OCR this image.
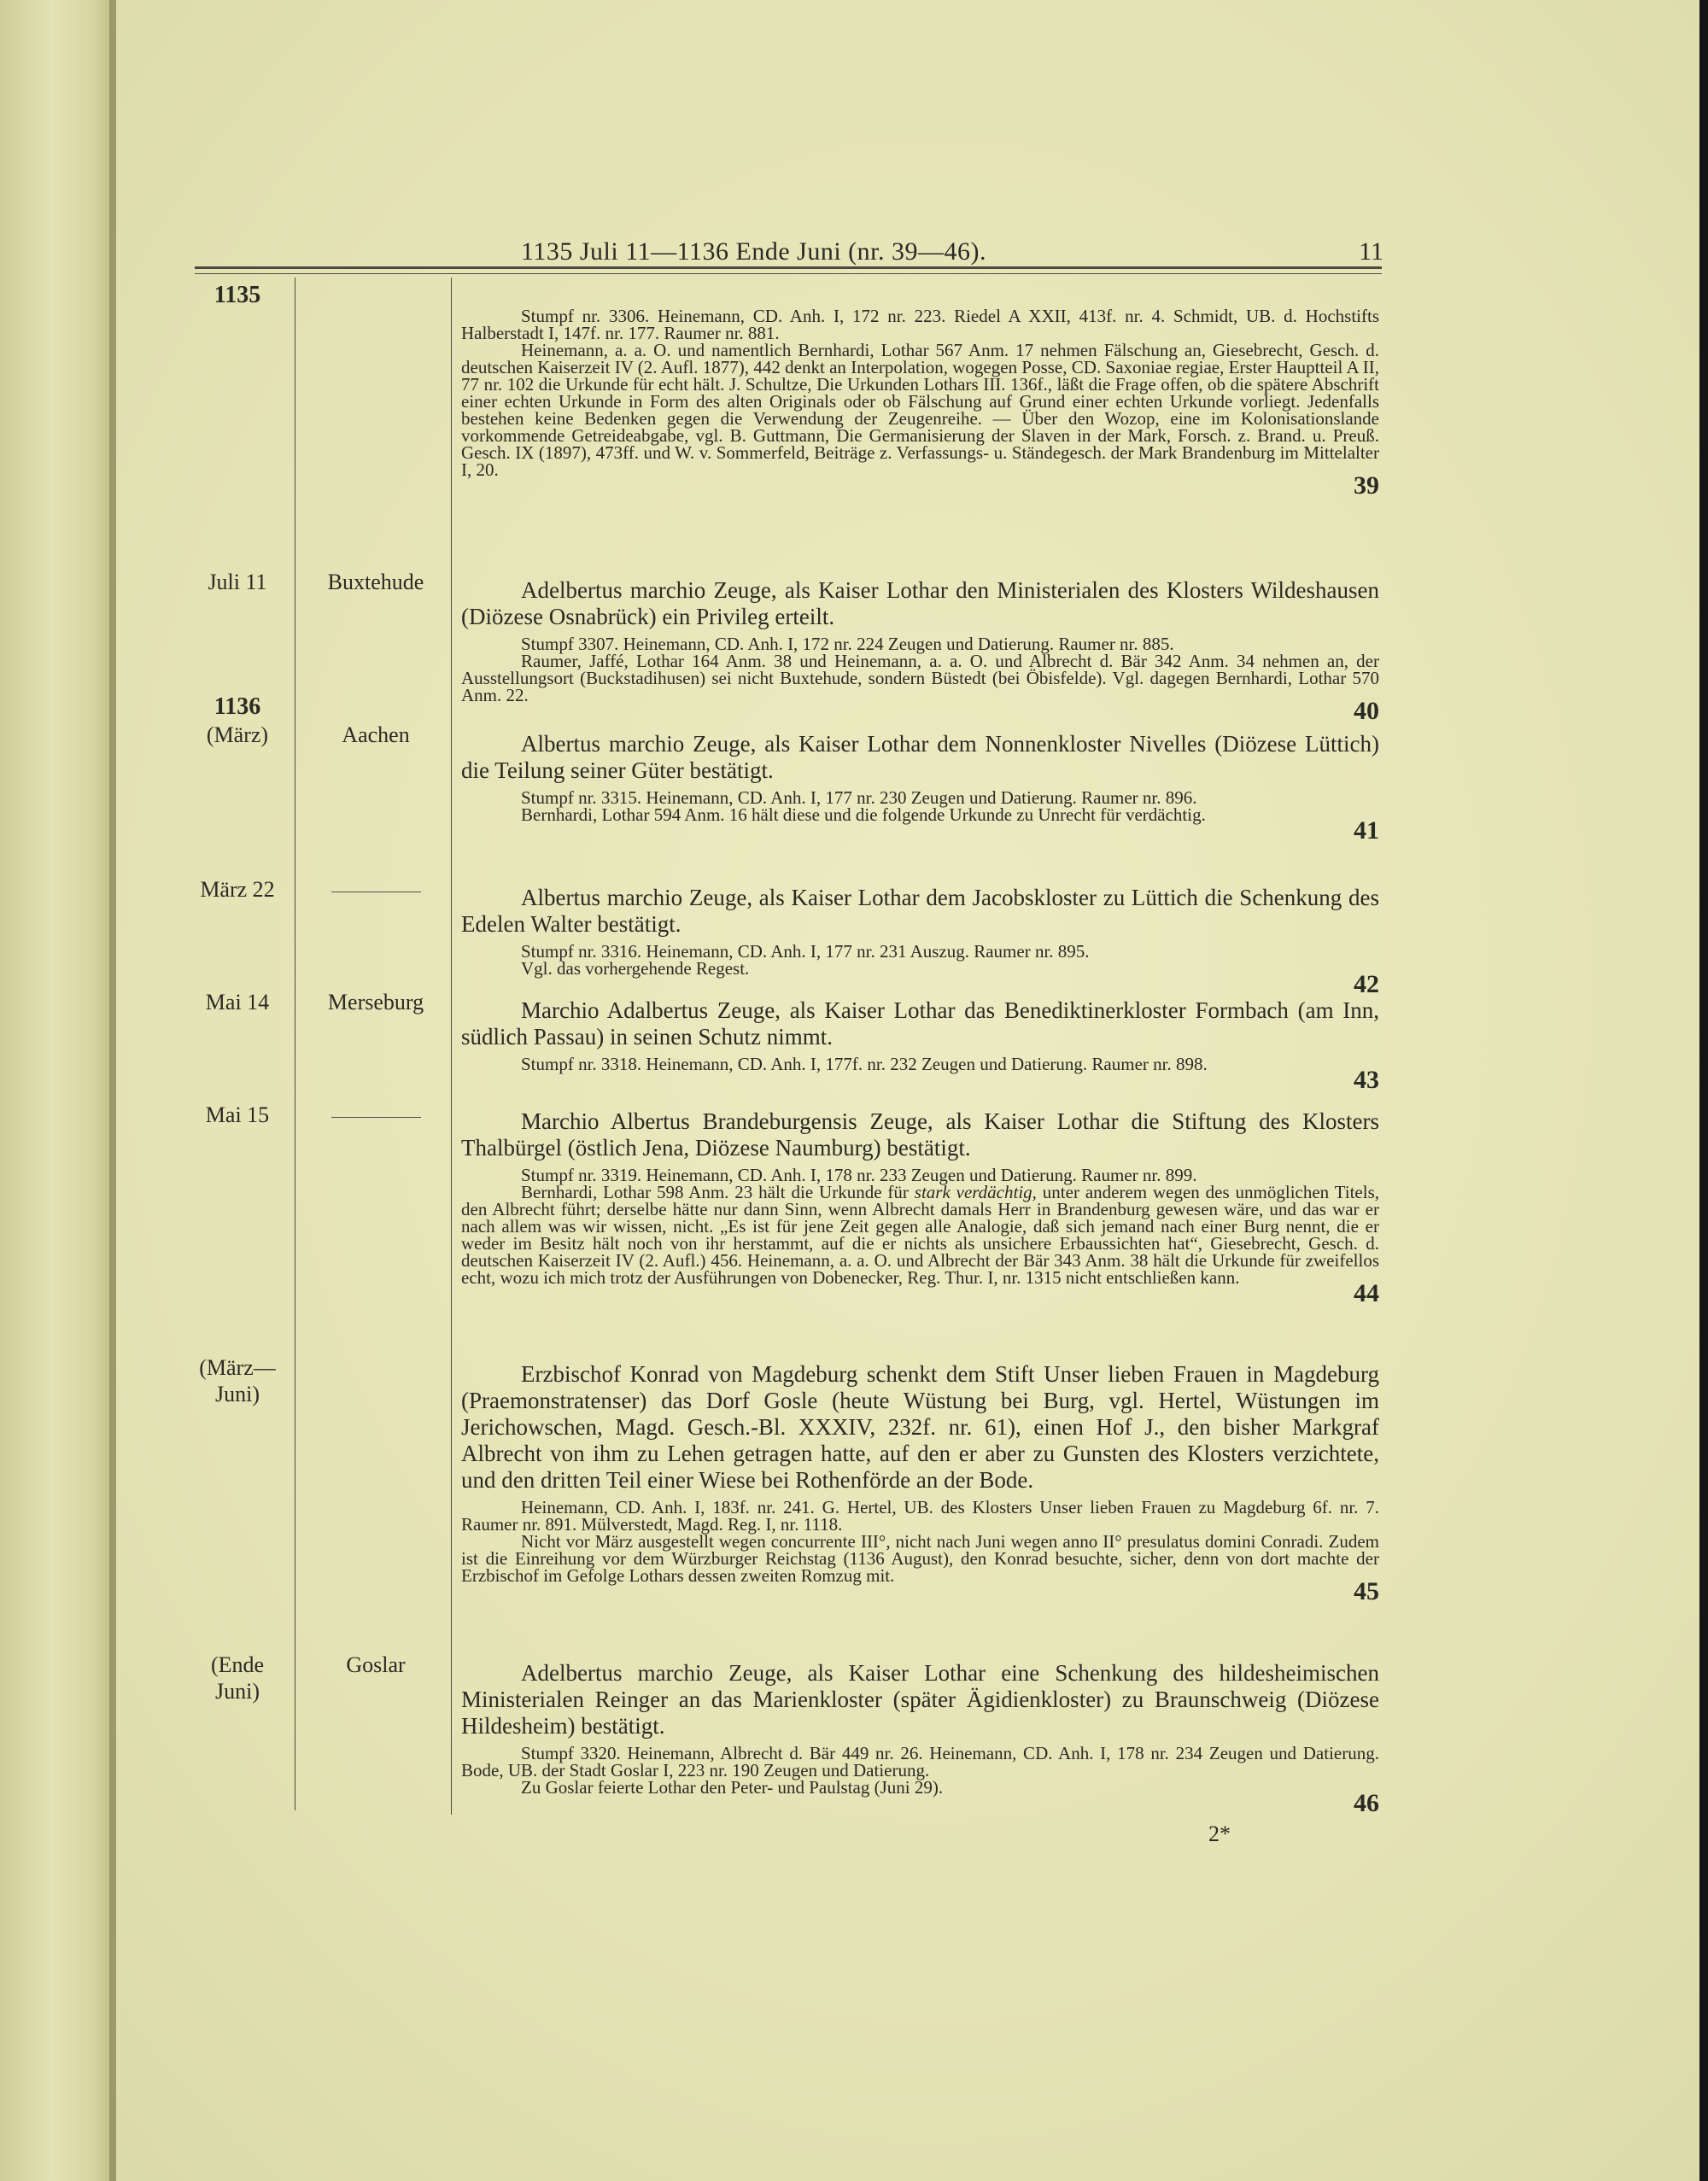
1135 Juli 11—1136 Ende Juni (nr. 39—46).	11
1135
Juli 11
1136
(März)
März 22
Mai 14
Mai 15
(März—
Juni)
(Ende
Juni)
Buxtehude
Aachen
Merseburg
Goslar

Stumpf nr. 3306. Heinemann, CD. Anh. I, 172 nr. 223. Riedel A XXII, 413f. nr. 4. Schmidt, UB. d. Hochstifts Halberstadt I, 147f. nr. 177. Raumer nr. 881.

Heinemann, a. a. O. und namentlich Bernhardi, Lothar 567 Anm. 17 nehmen Fälschung an, Giesebrecht, Gesch. d. deutschen Kaiserzeit IV (2. Aufl. 1877), 442 denkt an Interpolation, wogegen Posse, CD. Saxoniae regiae, Erster Hauptteil A II, 77 nr. 102 die Urkunde für echt hält. J. Schultze, Die Urkunden Lothars III. 136f., läßt die Frage offen, ob die spätere Abschrift einer echten Urkunde in Form des alten Originals oder ob Fälschung auf Grund einer echten Urkunde vorliegt. Jedenfalls bestehen keine Bedenken gegen die Verwendung der Zeugenreihe. — Über den Wozop, eine im Kolonisationslande vorkommende Getreideabgabe, vgl. B. Guttmann, Die Germanisierung der Slaven in der Mark, Forsch. z. Brand. u. Preuß. Gesch. IX (1897), 473ff. und W. v. Sommerfeld, Beiträge z. Verfassungs- u. Ständegesch. der Mark Brandenburg im Mittelalter I, 20.

39

Adelbertus marchio Zeuge, als Kaiser Lothar den Ministerialen des Klosters Wildeshausen (Diözese Osnabrück) ein Privileg erteilt.

Stumpf 3307. Heinemann, CD. Anh. I, 172 nr. 224 Zeugen und Datierung. Raumer nr. 885.

Raumer, Jaffé, Lothar 164 Anm. 38 und Heinemann, a. a. O. und Albrecht d. Bär 342 Anm. 34 nehmen an, der Ausstellungsort (Buckstadihusen) sei nicht Buxtehude, sondern Büstedt (bei Öbisfelde). Vgl. dagegen Bernhardi, Lothar 570 Anm. 22.

40

Albertus marchio Zeuge, als Kaiser Lothar dem Nonnenkloster Nivelles (Diözese Lüttich) die Teilung seiner Güter bestätigt.

Stumpf nr. 3315. Heinemann, CD. Anh. I, 177 nr. 230 Zeugen und Datierung. Raumer nr. 896.

Bernhardi, Lothar 594 Anm. 16 hält diese und die folgende Urkunde zu Unrecht für verdächtig.

41

Albertus marchio Zeuge, als Kaiser Lothar dem Jacobskloster zu Lüttich die Schenkung des Edelen Walter bestätigt.

Stumpf nr. 3316. Heinemann, CD. Anh. I, 177 nr. 231 Auszug. Raumer nr. 895.

Vgl. das vorhergehende Regest.

42

Marchio Adalbertus Zeuge, als Kaiser Lothar das Benediktinerkloster Formbach (am Inn, südlich Passau) in seinen Schutz nimmt.

Stumpf nr. 3318. Heinemann, CD. Anh. I, 177f. nr. 232 Zeugen und Datierung. Raumer nr. 898.

43

Marchio Albertus Brandeburgensis Zeuge, als Kaiser Lothar die Stiftung des Klosters Thalbürgel (östlich Jena, Diözese Naumburg) bestätigt.

Stumpf nr. 3319. Heinemann, CD. Anh. I, 178 nr. 233 Zeugen und Datierung. Raumer nr. 899.

Bernhardi, Lothar 598 Anm. 23 hält die Urkunde für stark verdächtig, unter anderem wegen des unmöglichen Titels, den Albrecht führt; derselbe hätte nur dann Sinn, wenn Albrecht damals Herr in Brandenburg gewesen wäre, und das war er nach allem was wir wissen, nicht. „Es ist für jene Zeit gegen alle Analogie, daß sich jemand nach einer Burg nennt, die er weder im Besitz hält noch von ihr herstammt, auf die er nichts als unsichere Erbaussichten hat“, Giesebrecht, Gesch. d. deutschen Kaiserzeit IV (2. Aufl.) 456. Heinemann, a. a. O. und Albrecht der Bär 343 Anm. 38 hält die Urkunde für zweifellos echt, wozu ich mich trotz der Ausführungen von Dobenecker, Reg. Thur. I, nr. 1315 nicht entschließen kann.

44

Erzbischof Konrad von Magdeburg schenkt dem Stift Unser lieben Frauen in Magdeburg (Praemonstratenser) das Dorf Gosle (heute Wüstung bei Burg, vgl. Hertel, Wüstungen im Jerichowschen, Magd. Gesch.-Bl. XXXIV, 232f. nr. 61), einen Hof J., den bisher Markgraf Albrecht von ihm zu Lehen getragen hatte, auf den er aber zu Gunsten des Klosters verzichtete, und den dritten Teil einer Wiese bei Rothenförde an der Bode.

Heinemann, CD. Anh. I, 183f. nr. 241. G. Hertel, UB. des Klosters Unser lieben Frauen zu Magdeburg 6f. nr. 7. Raumer nr. 891. Mülverstedt, Magd. Reg. I, nr. 1118.

Nicht vor März ausgestellt wegen concurrente III°, nicht nach Juni wegen anno II° presulatus domini Conradi. Zudem ist die Einreihung vor dem Würzburger Reichstag (1136 August), den Konrad besuchte, sicher, denn von dort machte der Erzbischof im Gefolge Lothars dessen zweiten Romzug mit.

45

Adelbertus marchio Zeuge, als Kaiser Lothar eine Schenkung des hildesheimischen Ministerialen Reinger an das Marienkloster (später Ägidienkloster) zu Braunschweig (Diözese Hildesheim) bestätigt.

Stumpf 3320. Heinemann, Albrecht d. Bär 449 nr. 26. Heinemann, CD. Anh. I, 178 nr. 234 Zeugen und Datierung. Bode, UB. der Stadt Goslar I, 223 nr. 190 Zeugen und Datierung.

Zu Goslar feierte Lothar den Peter- und Paulstag (Juni 29).

46
2*
